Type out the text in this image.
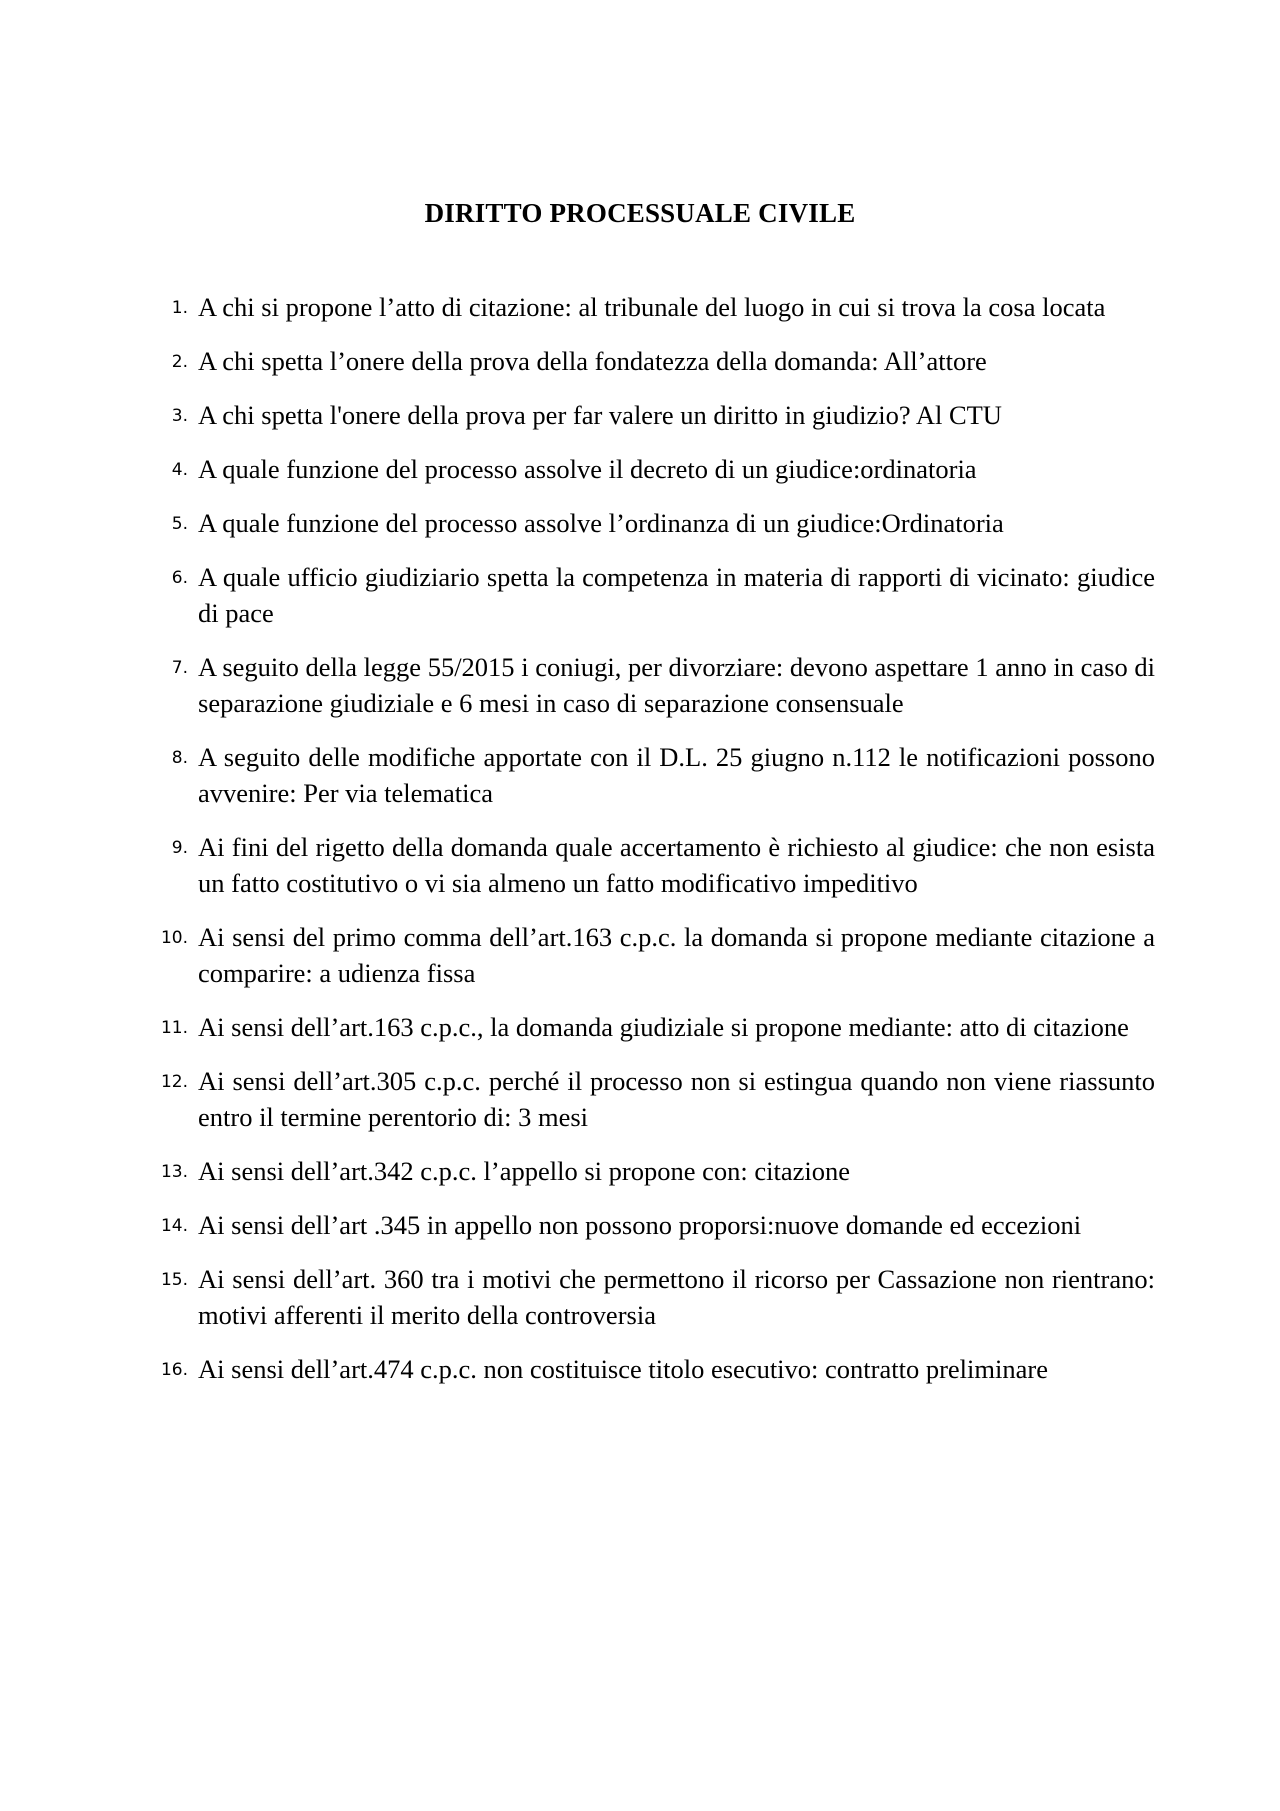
DIRITTO PROCESSUALE CIVILE
1. A chi si propone l’atto di citazione: al tribunale del luogo in cui si trova la cosa locata
2. A chi spetta l’onere della prova della fondatezza della domanda: All’attore
3. A chi spetta l'onere della prova per far valere un diritto in giudizio? Al CTU
4. A quale funzione del processo assolve il decreto di un giudice:ordinatoria
5. A quale funzione del processo assolve l’ordinanza di un giudice:Ordinatoria
6. A quale ufficio giudiziario spetta la competenza in materia di rapporti di vicinato: giudice di pace
7. A seguito della legge 55/2015 i coniugi, per divorziare: devono aspettare 1 anno in caso di separazione giudiziale e 6 mesi in caso di separazione consensuale
8. A seguito delle modifiche apportate con il D.L. 25 giugno n.112 le notificazioni possono avvenire: Per via telematica
9. Ai fini del rigetto della domanda quale accertamento è richiesto al giudice: che non esista un fatto costitutivo o vi sia almeno un fatto modificativo impeditivo
10. Ai sensi del primo comma dell’art.163 c.p.c. la domanda si propone mediante citazione a comparire: a udienza fissa
11. Ai sensi dell’art.163 c.p.c., la domanda giudiziale si propone mediante: atto di citazione
12. Ai sensi dell’art.305 c.p.c. perché il processo non si estingua quando non viene riassunto entro il termine perentorio di: 3 mesi
13. Ai sensi dell’art.342 c.p.c. l’appello si propone con: citazione
14. Ai sensi dell’art .345 in appello non possono proporsi:nuove domande ed eccezioni
15. Ai sensi dell’art. 360 tra i motivi che permettono il ricorso per Cassazione non rientrano: motivi afferenti il merito della controversia
16. Ai sensi dell’art.474 c.p.c. non costituisce titolo esecutivo: contratto preliminare
